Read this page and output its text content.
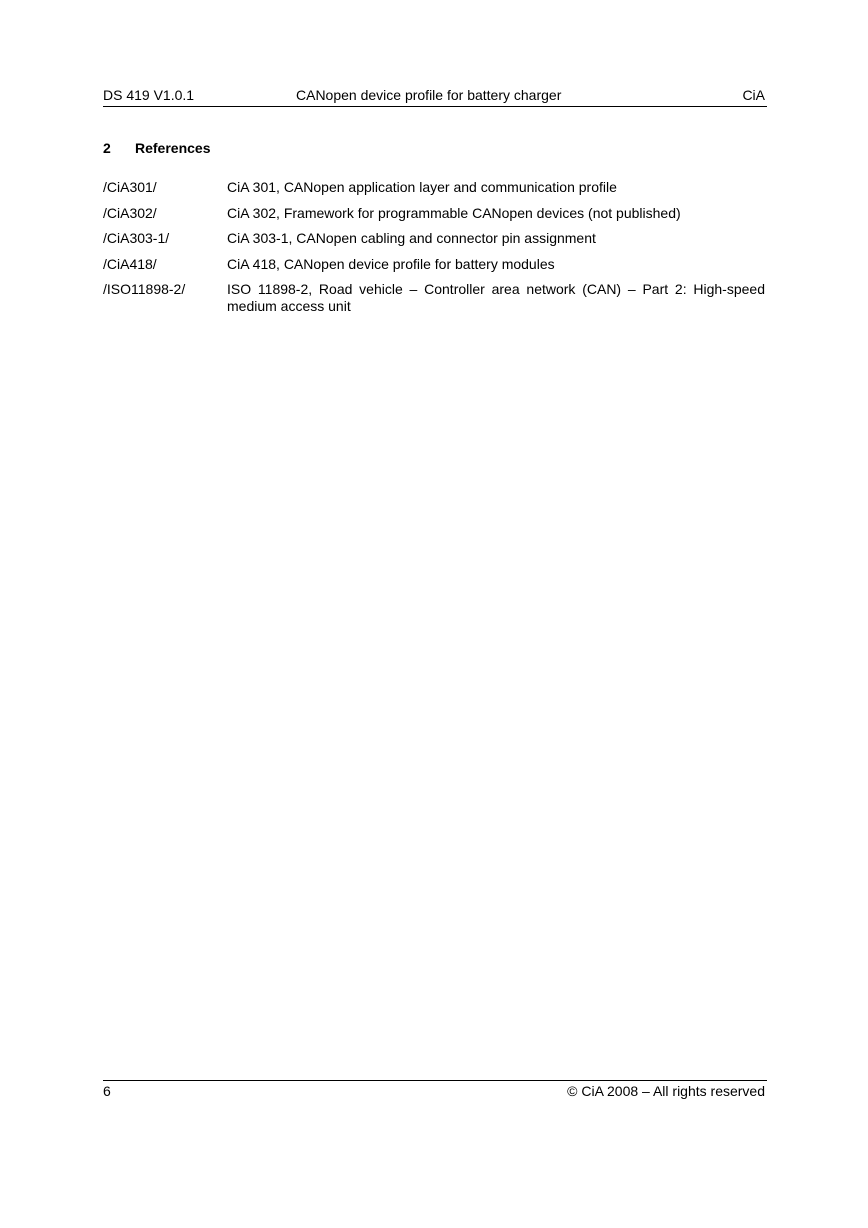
DS 419 V1.0.1	CANopen device profile for battery charger	CiA
2 References
/CiA301/	CiA 301, CANopen application layer and communication profile
/CiA302/	CiA 302, Framework for programmable CANopen devices (not published)
/CiA303-1/	CiA 303-1, CANopen cabling and connector pin assignment
/CiA418/	CiA 418, CANopen device profile for battery modules
/ISO11898-2/	ISO 11898-2, Road vehicle – Controller area network (CAN) – Part 2: High-speed medium access unit
6	© CiA 2008 – All rights reserved
